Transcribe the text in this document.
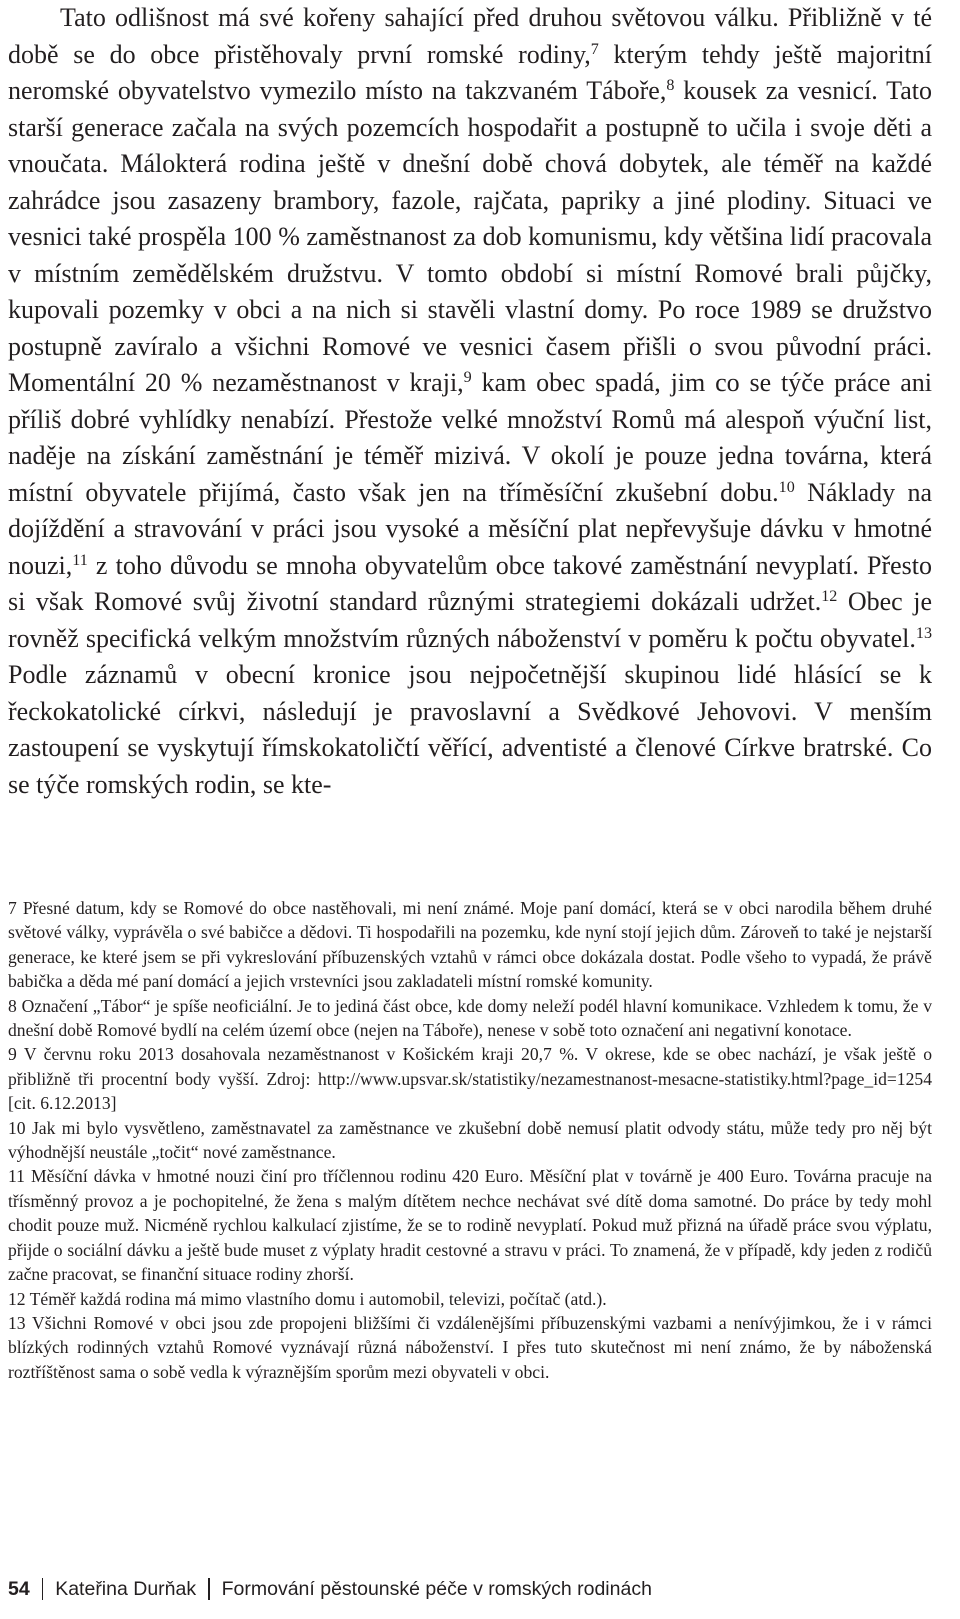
Tato odlišnost má své kořeny sahající před druhou světovou válku. Přibližně v té době se do obce přistěhovaly první romské rodiny,$^7$ kterým tehdy ještě majoritní neromské obyvatelstvo vymezilo místo na takzvaném Táboře,$^8$ kousek za vesnicí. Tato starší generace začala na svých pozemcích hospodařit a postupně to učila i svoje děti a vnoučata. Málokterá rodina ještě v dnešní době chová dobytek, ale téměř na každé zahrádce jsou zasazeny brambory, fazole, rajčata, papriky a jiné plodiny. Situaci ve vesnici také prospěla 100 % zaměstnanost za dob komunismu, kdy většina lidí pracovala v místním zemědělském družstvu. V tomto období si místní Romové brali půjčky, kupovali pozemky v obci a na nich si stavěli vlastní domy. Po roce 1989 se družstvo postupně zavíralo a všichni Romové ve vesnici časem přišli o svou původní práci. Momentální 20 % nezaměstnanost v kraji,$^9$ kam obec spadá, jim co se týče práce ani příliš dobré vyhlídky nenabízí. Přestože velké množství Romů má alespoň výuční list, naděje na získání zaměstnání je téměř mizivá. V okolí je pouze jedna továrna, která místní obyvatele přijímá, často však jen na tříměsíční zkušební dobu.$^{10}$ Náklady na dojíždění a stravování v práci jsou vysoké a měsíční plat nepřevyšuje dávku v hmotné nouzi,$^{11}$ z toho důvodu se mnoha obyvatelům obce takové zaměstnání nevyplatí. Přesto si však Romové svůj životní standard různými strategiemi dokázali udržet.$^{12}$ Obec je rovněž specifická velkým množstvím různých náboženství v poměru k počtu obyvatel.$^{13}$ Podle záznamů v obecní kronice jsou nejpočetnější skupinou lidé hlásící se k řeckokatolické církvi, následují je pravoslavní a Svědkové Jehovovi. V menším zastoupení se vyskytují římskokatoličtí věřící, adventisté a členové Církve bratrské. Co se týče romských rodin, se kte-

7 Přesné datum, kdy se Romové do obce nastěhovali, mi není známé. Moje paní domácí, která se v obci narodila během druhé světové války, vyprávěla o své babičce a dědovi. Ti hospodařili na pozemku, kde nyní stojí jejich dům. Zároveň to také je nejstarší generace, ke které jsem se při vykreslování příbuzenských vztahů v rámci obce dokázala dostat. Podle všeho to vypadá, že právě babička a děda mé paní domácí a jejich vrstevníci jsou zakladateli místní romské komunity.

8 Označení „Tábor“ je spíše neoficiální. Je to jediná část obce, kde domy neleží podél hlavní komunikace. Vzhledem k tomu, že v dnešní době Romové bydlí na celém území obce (nejen na Táboře), nenese v sobě toto označení ani negativní konotace.

9 V červnu roku 2013 dosahovala nezaměstnanost v Košickém kraji 20,7 %. V okrese, kde se obec nachází, je však ještě o přibližně tři procentní body vyšší. Zdroj: http://www.upsvar.sk/statistiky/nezamestnanost-mesacne-statistiky.html?page_id=1254 [cit. 6.12.2013]

10 Jak mi bylo vysvětleno, zaměstnavatel za zaměstnance ve zkušební době nemusí platit odvody státu, může tedy pro něj být výhodnější neustále „točit“ nové zaměstnance.

11 Měsíční dávka v hmotné nouzi činí pro tříčlennou rodinu 420 Euro. Měsíční plat v továrně je 400 Euro. Továrna pracuje na třísměnný provoz a je pochopitelné, že žena s malým dítětem nechce nechávat své dítě doma samotné. Do práce by tedy mohl chodit pouze muž. Nicméně rychlou kalkulací zjistíme, že se to rodině nevyplatí. Pokud muž přizná na úřadě práce svou výplatu, přijde o sociální dávku a ještě bude muset z výplaty hradit cestovné a stravu v práci. To znamená, že v případě, kdy jeden z rodičů začne pracovat, se finanční situace rodiny zhorší.

12 Téměř každá rodina má mimo vlastního domu i automobil, televizi, počítač (atd.).

13 Všichni Romové v obci jsou zde propojeni bližšími či vzdálenějšími příbuzenskými vazbami a nenívýjimkou, že i v rámci blízkých rodinných vztahů Romové vyznávají různá náboženství. I přes tuto skutečnost mi není známo, že by náboženská roztříštěnost sama o sobě vedla k výraznějším sporům mezi obyvateli v obci.

54 Kateřina Durňak Formování pěstounské péče v romských rodinách
